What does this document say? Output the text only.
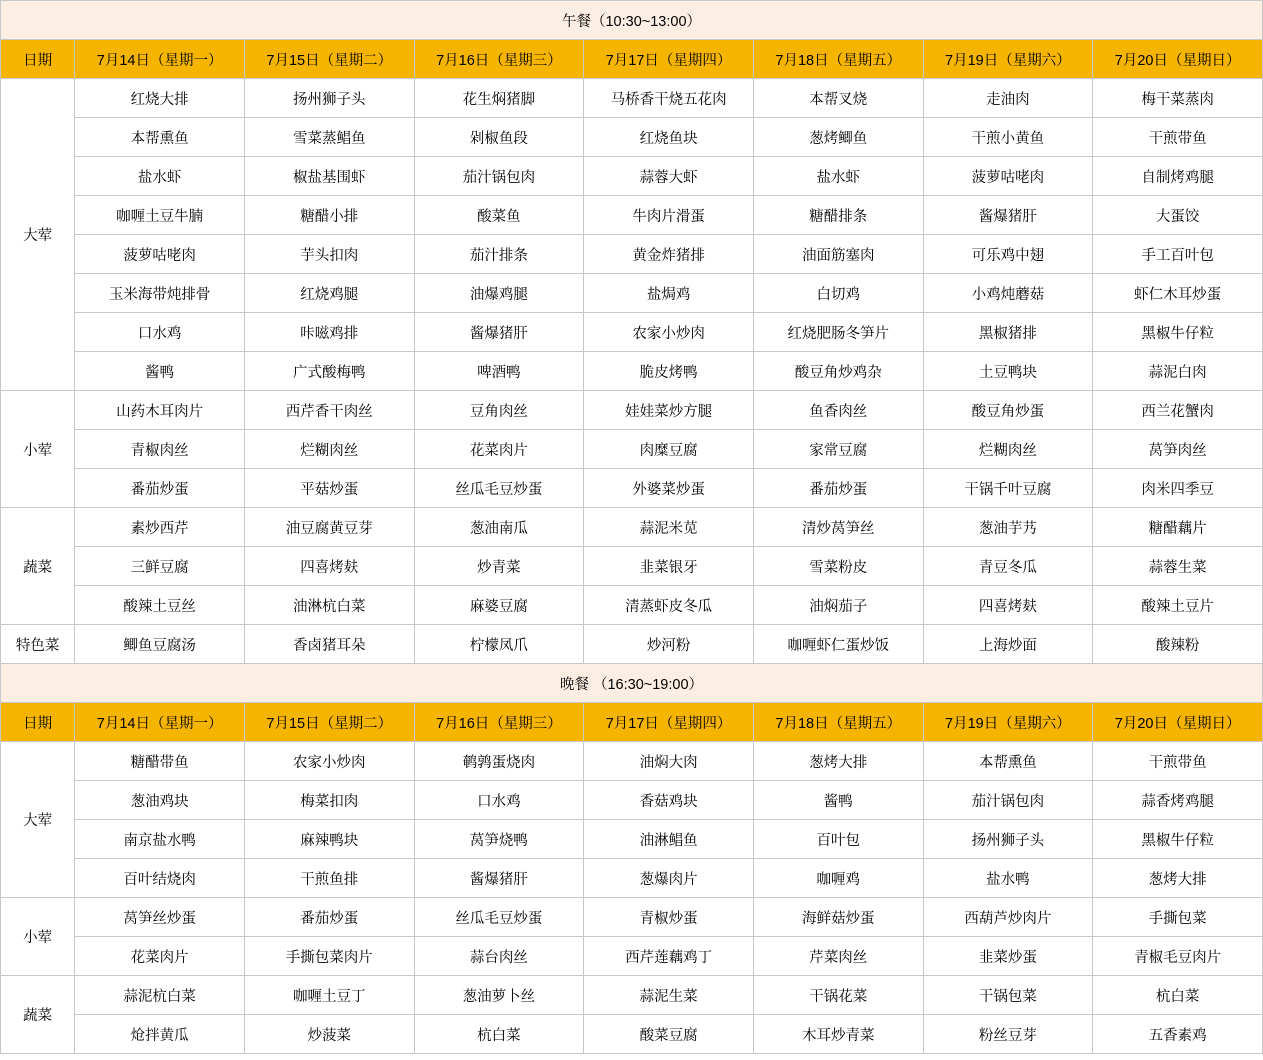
午餐（10:30~13:00）							
日期	7月14日（星期一）	7月15日（星期二）	7月16日（星期三）	7月17日（星期四）	7月18日（星期五）	7月19日（星期六）	7月20日（星期日）
大荤	红烧大排	扬州狮子头	花生焖猪脚	马桥香干烧五花肉	本帮叉烧	走油肉	梅干菜蒸肉
	本帮熏鱼	雪菜蒸鲳鱼	剁椒鱼段	红烧鱼块	葱烤鲫鱼	干煎小黄鱼	干煎带鱼
	盐水虾	椒盐基围虾	茄汁锅包肉	蒜蓉大虾	盐水虾	菠萝咕咾肉	自制烤鸡腿
	咖喱土豆牛腩	糖醋小排	酸菜鱼	牛肉片滑蛋	糖醋排条	酱爆猪肝	大蛋饺
	菠萝咕咾肉	芋头扣肉	茄汁排条	黄金炸猪排	油面筋塞肉	可乐鸡中翅	手工百叶包
	玉米海带炖排骨	红烧鸡腿	油爆鸡腿	盐焗鸡	白切鸡	小鸡炖蘑菇	虾仁木耳炒蛋
	口水鸡	咔嗞鸡排	酱爆猪肝	农家小炒肉	红烧肥肠冬笋片	黑椒猪排	黑椒牛仔粒
	酱鸭	广式酸梅鸭	啤酒鸭	脆皮烤鸭	酸豆角炒鸡杂	土豆鸭块	蒜泥白肉
小荤	山药木耳肉片	西芹香干肉丝	豆角肉丝	娃娃菜炒方腿	鱼香肉丝	酸豆角炒蛋	西兰花蟹肉
	青椒肉丝	烂糊肉丝	花菜肉片	肉糜豆腐	家常豆腐	烂糊肉丝	莴笋肉丝
	番茄炒蛋	平菇炒蛋	丝瓜毛豆炒蛋	外婆菜炒蛋	番茄炒蛋	干锅千叶豆腐	肉米四季豆
蔬菜	素炒西芹	油豆腐黄豆芽	葱油南瓜	蒜泥米苋	清炒莴笋丝	葱油芋艿	糖醋藕片
	三鲜豆腐	四喜烤麸	炒青菜	韭菜银牙	雪菜粉皮	青豆冬瓜	蒜蓉生菜
	酸辣土豆丝	油淋杭白菜	麻婆豆腐	清蒸虾皮冬瓜	油焖茄子	四喜烤麸	酸辣土豆片
特色菜	鲫鱼豆腐汤	香卤猪耳朵	柠檬凤爪	炒河粉	咖喱虾仁蛋炒饭	上海炒面	酸辣粉
晚餐 （16:30~19:00）							
日期	7月14日（星期一）	7月15日（星期二）	7月16日（星期三）	7月17日（星期四）	7月18日（星期五）	7月19日（星期六）	7月20日（星期日）
大荤	糖醋带鱼	农家小炒肉	鹌鹑蛋烧肉	油焖大肉	葱烤大排	本帮熏鱼	干煎带鱼
	葱油鸡块	梅菜扣肉	口水鸡	香菇鸡块	酱鸭	茄汁锅包肉	蒜香烤鸡腿
	南京盐水鸭	麻辣鸭块	莴笋烧鸭	油淋鲳鱼	百叶包	扬州狮子头	黑椒牛仔粒
	百叶结烧肉	干煎鱼排	酱爆猪肝	葱爆肉片	咖喱鸡	盐水鸭	葱烤大排
小荤	莴笋丝炒蛋	番茄炒蛋	丝瓜毛豆炒蛋	青椒炒蛋	海鲜菇炒蛋	西葫芦炒肉片	手撕包菜
	花菜肉片	手撕包菜肉片	蒜台肉丝	西芹莲藕鸡丁	芹菜肉丝	韭菜炒蛋	青椒毛豆肉片
蔬菜	蒜泥杭白菜	咖喱土豆丁	葱油萝卜丝	蒜泥生菜	干锅花菜	干锅包菜	杭白菜
	炝拌黄瓜	炒菠菜	杭白菜	酸菜豆腐	木耳炒青菜	粉丝豆芽	五香素鸡
